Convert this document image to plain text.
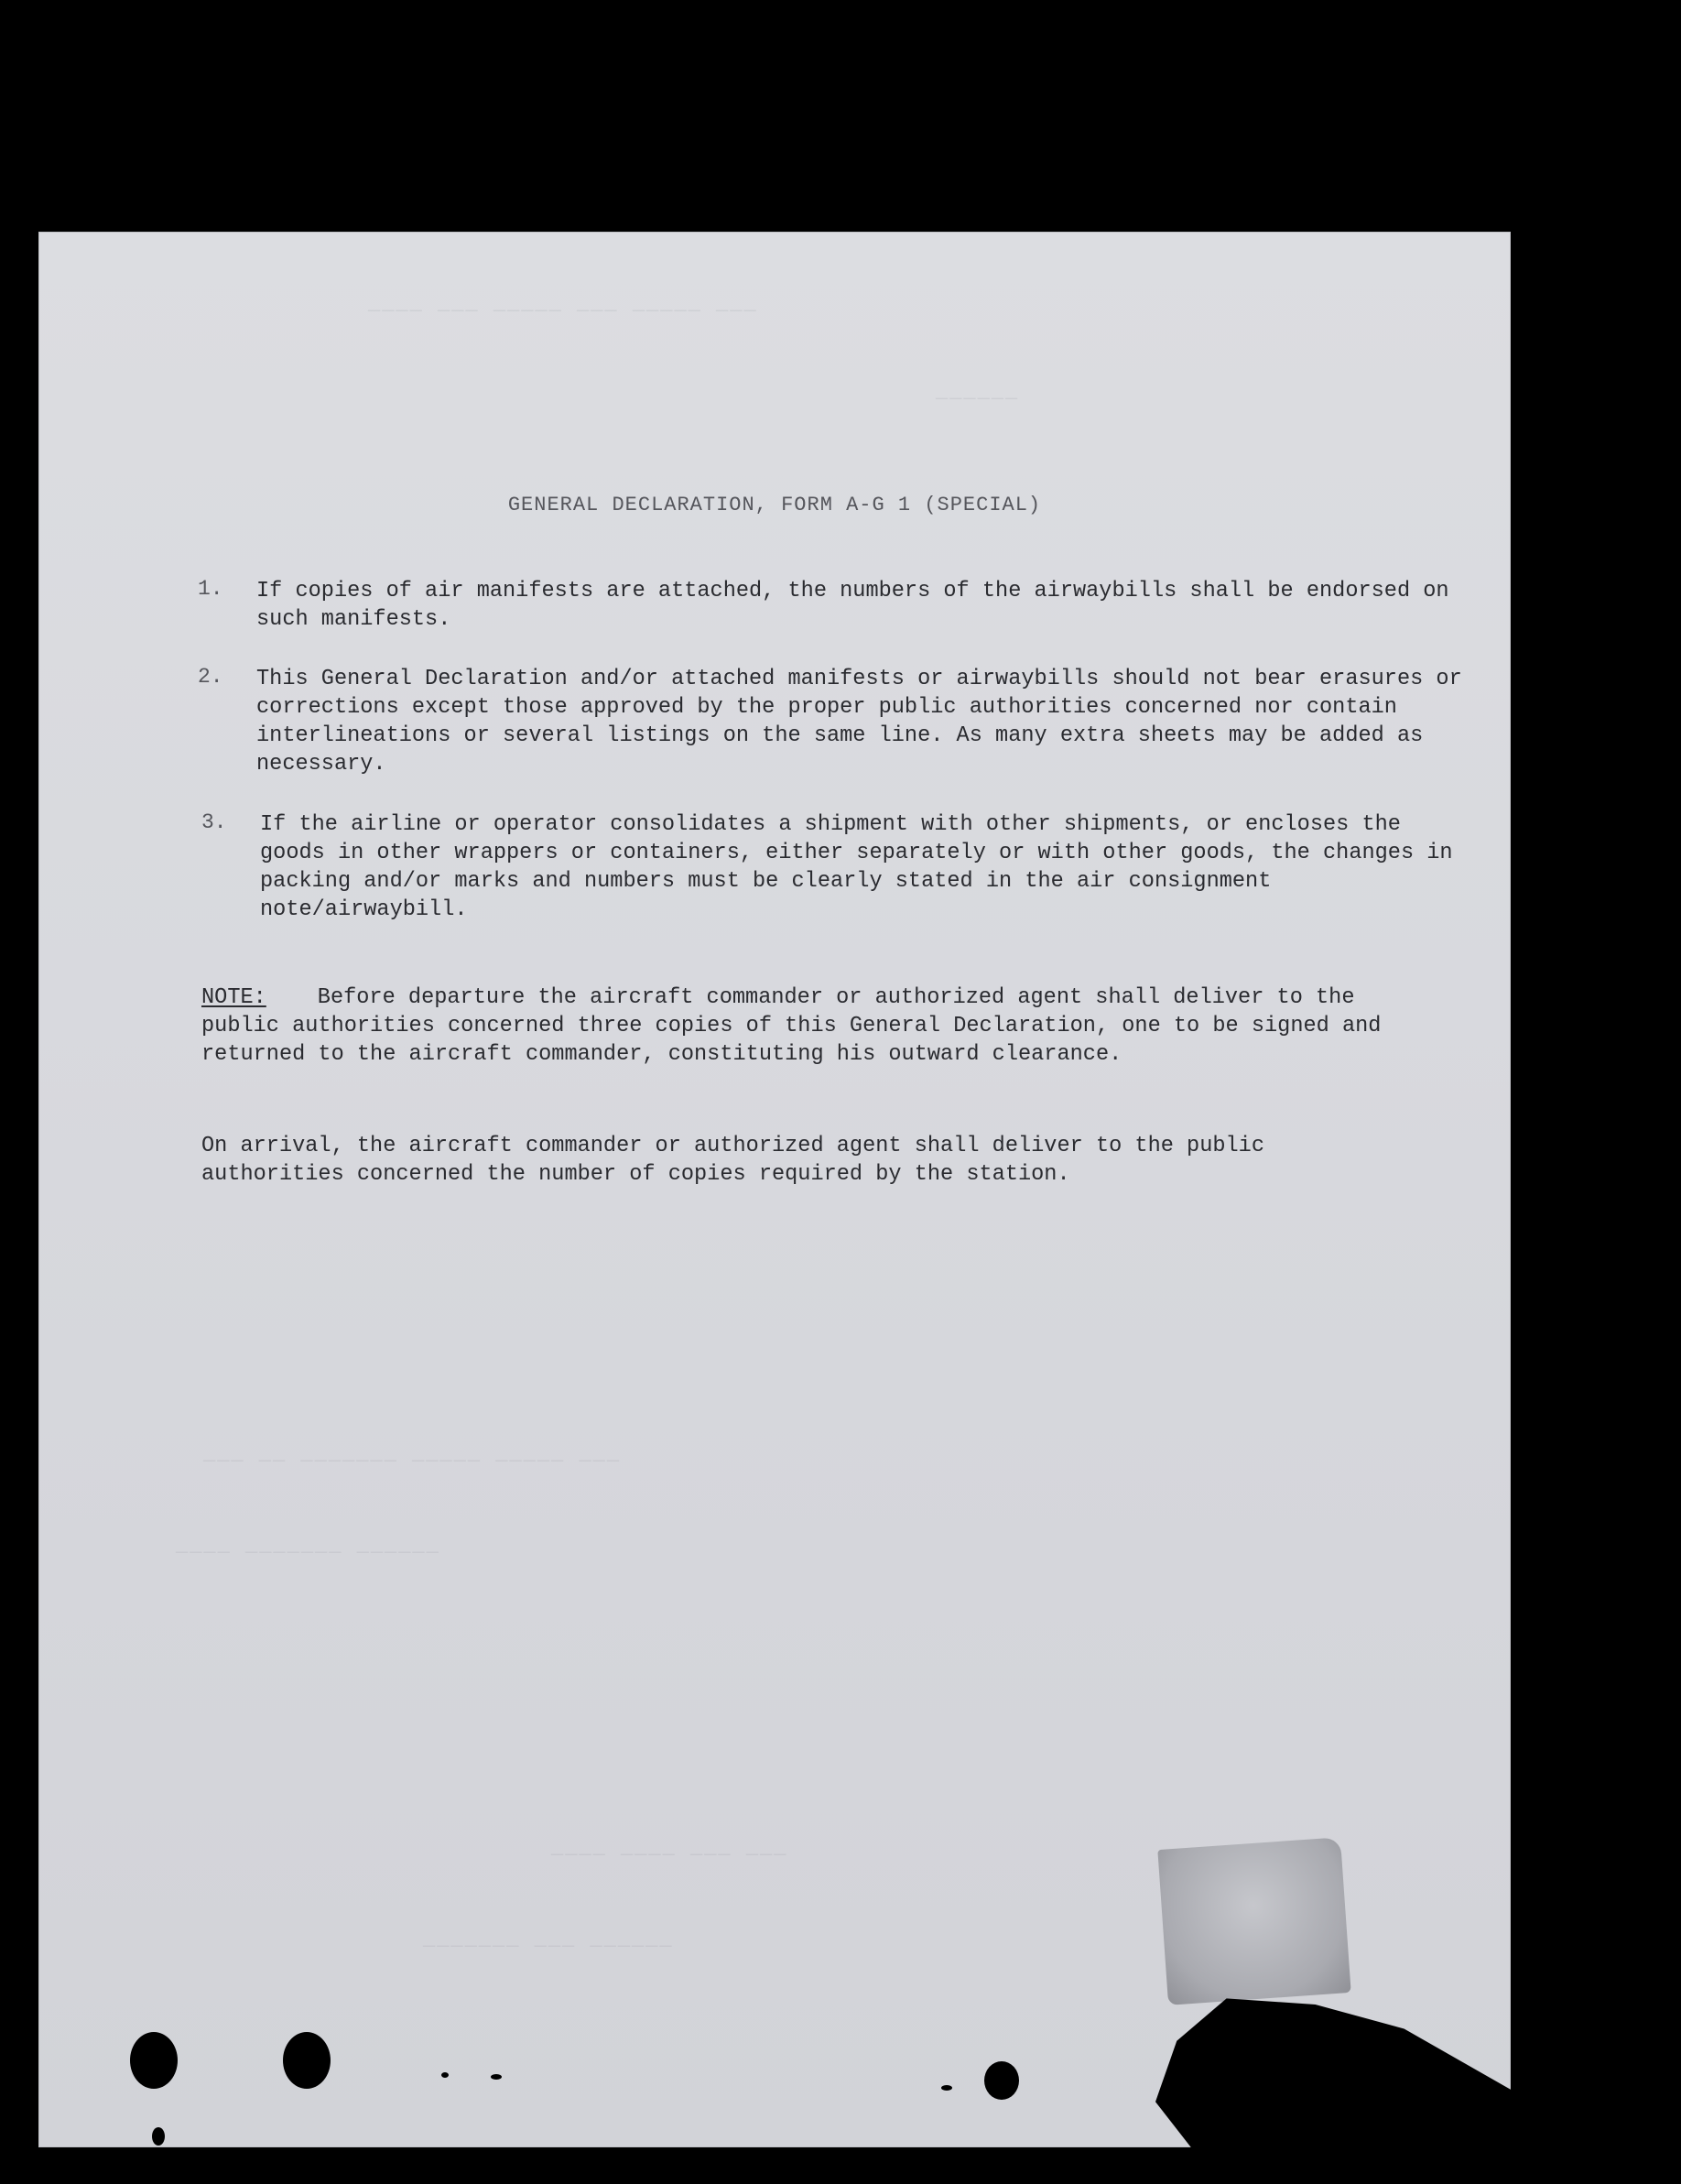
———— ——— ————— ——— ————— ———
——————
——— —— ——————— ————— ————— ———
———— ——————— ——————
———— ———— ——— ———
——————— ——— ——————
GENERAL DECLARATION, FORM A-G 1 (SPECIAL)
1. If copies of air manifests are attached, the numbers of the airwaybills shall be endorsed on such manifests.
2. This General Declaration and/or attached manifests or airwaybills should not bear erasures or corrections except those approved by the proper public authorities concerned nor contain interlineations or several listings on the same line. As many extra sheets may be added as necessary.
3. If the airline or operator consolidates a shipment with other shipments, or encloses the goods in other wrappers or containers, either separately or with other goods, the changes in packing and/or marks and numbers must be clearly stated in the air consignment note/airwaybill.
NOTE: Before departure the aircraft commander or authorized agent shall deliver to the public authorities concerned three copies of this General Declaration, one to be signed and returned to the aircraft commander, constituting his outward clearance.
On arrival, the aircraft commander or authorized agent shall deliver to the public authorities concerned the number of copies required by the station.
